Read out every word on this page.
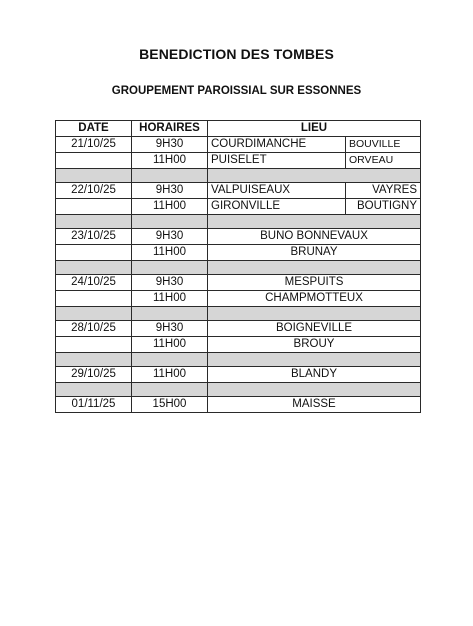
BENEDICTION DES TOMBES
GROUPEMENT PAROISSIAL SUR ESSONNES
DATE	HORAIRES	LIEU	
21/10/25	9H30	COURDIMANCHE	BOUVILLE
	11H00	PUISELET	ORVEAU

22/10/25	9H30	VALPUISEAUX	VAYRES
	11H00	GIRONVILLE	BOUTIGNY

23/10/25	9H30	BUNO BONNEVAUX	
	11H00	BRUNAY	

24/10/25	9H30	MESPUITS	
	11H00	CHAMPMOTTEUX	

28/10/25	9H30	BOIGNEVILLE	
	11H00	BROUY	

29/10/25	11H00	BLANDY	

01/11/25	15H00	MAISSE	
